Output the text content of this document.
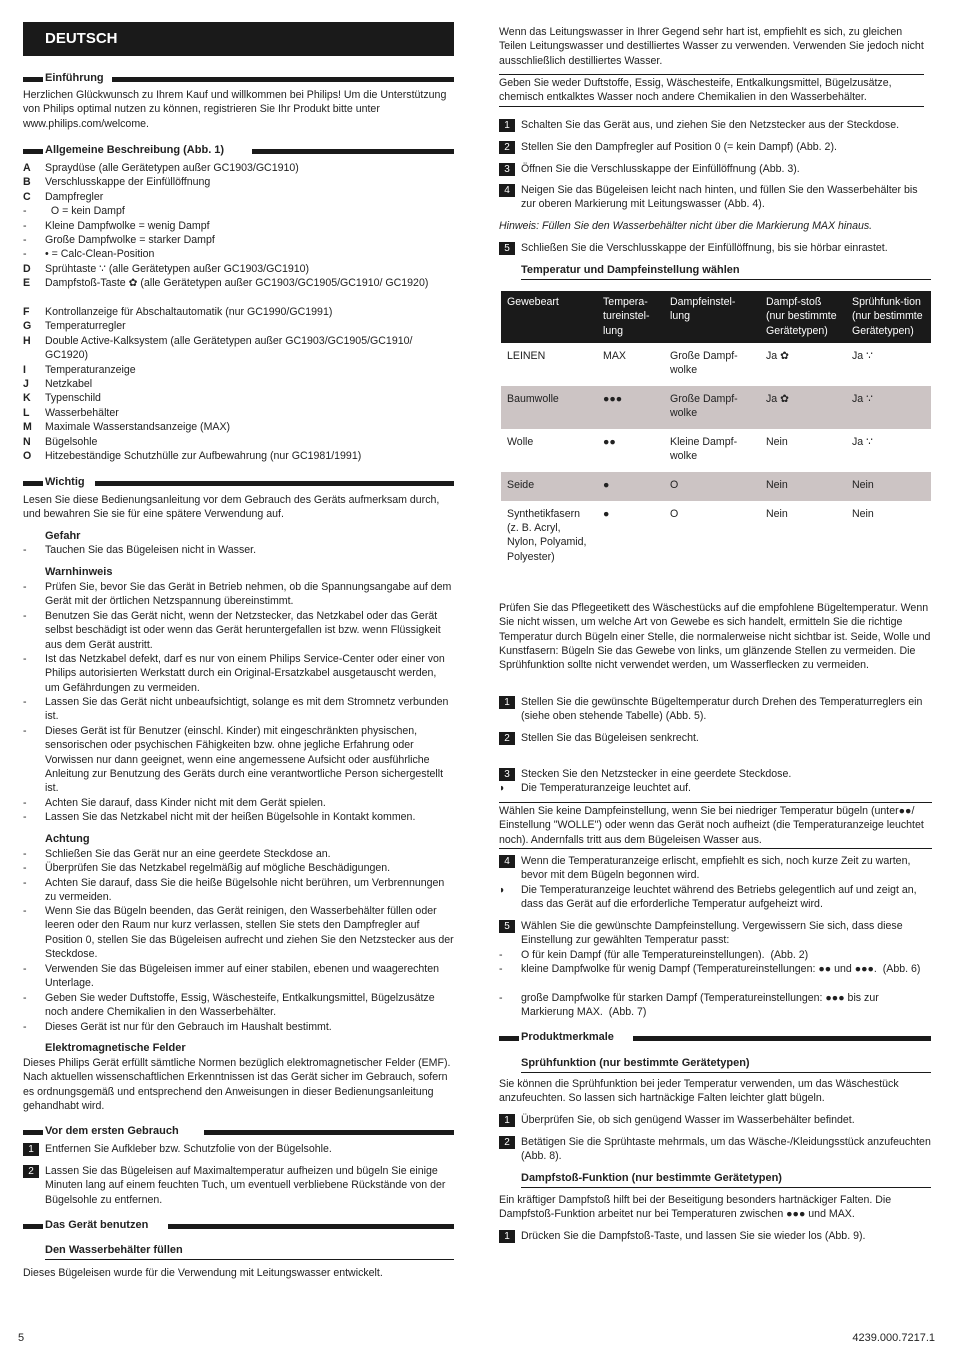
DEUTSCH
Einführung
Herzlichen Glückwunsch zu Ihrem Kauf und willkommen bei Philips! Um die Unterstützung von Philips optimal nutzen zu können, registrieren Sie Ihr Produkt bitte unter www.philips.com/welcome.
Allgemeine Beschreibung (Abb. 1)
A Spraydüse (alle Gerätetypen außer GC1903/GC1910)
B Verschlusskappe der Einfüllöffnung
C Dampfregler
- O = kein Dampf
- Kleine Dampfwolke = wenig Dampf
- Große Dampfwolke = starker Dampf
- • = Calc-Clean-Position
D Sprühtaste ∵ (alle Gerätetypen außer GC1903/GC1910)
E Dampfstoß-Taste ✿ (alle Gerätetypen außer GC1903/GC1905/GC1910/ GC1920)
F Kontrollanzeige für Abschaltautomatik (nur GC1990/GC1991)
G Temperaturregler
H Double Active-Kalksystem (alle Gerätetypen außer GC1903/GC1905/GC1910/ GC1920)
I Temperaturanzeige
J Netzkabel
K Typenschild
L Wasserbehälter
M Maximale Wasserstandsanzeige (MAX)
N Bügelsohle
O Hitzebeständige Schutzhülle zur Aufbewahrung (nur GC1981/1991)
Wichtig
Lesen Sie diese Bedienungsanleitung vor dem Gebrauch des Geräts aufmerksam durch, und bewahren Sie sie für eine spätere Verwendung auf.
Gefahr
- Tauchen Sie das Bügeleisen nicht in Wasser.
Warnhinweis
- Prüfen Sie, bevor Sie das Gerät in Betrieb nehmen, ob die Spannungsangabe auf dem Gerät mit der örtlichen Netzspannung übereinstimmt.
- Benutzen Sie das Gerät nicht, wenn der Netzstecker, das Netzkabel oder das Gerät selbst beschädigt ist oder wenn das Gerät heruntergefallen ist bzw. wenn Flüssigkeit aus dem Gerät austritt.
- Ist das Netzkabel defekt, darf es nur von einem Philips Service-Center oder einer von Philips autorisierten Werkstatt durch ein Original-Ersatzkabel ausgetauscht werden, um Gefährdungen zu vermeiden.
- Lassen Sie das Gerät nicht unbeaufsichtigt, solange es mit dem Stromnetz verbunden ist.
- Dieses Gerät ist für Benutzer (einschl. Kinder) mit eingeschränkten physischen, sensorischen oder psychischen Fähigkeiten bzw. ohne jegliche Erfahrung oder Vorwissen nur dann geeignet, wenn eine angemessene Aufsicht oder ausführliche Anleitung zur Benutzung des Geräts durch eine verantwortliche Person sichergestellt ist.
- Achten Sie darauf, dass Kinder nicht mit dem Gerät spielen.
- Lassen Sie das Netzkabel nicht mit der heißen Bügelsohle in Kontakt kommen.
Achtung
- Schließen Sie das Gerät nur an eine geerdete Steckdose an.
- Überprüfen Sie das Netzkabel regelmäßig auf mögliche Beschädigungen.
- Achten Sie darauf, dass Sie die heiße Bügelsohle nicht berühren, um Verbrennungen zu vermeiden.
- Wenn Sie das Bügeln beenden, das Gerät reinigen, den Wasserbehälter füllen oder leeren oder den Raum nur kurz verlassen, stellen Sie stets den Dampfregler auf Position 0, stellen Sie das Bügeleisen aufrecht und ziehen Sie den Netzstecker aus der Steckdose.
- Verwenden Sie das Bügeleisen immer auf einer stabilen, ebenen und waagerechten Unterlage.
- Geben Sie weder Duftstoffe, Essig, Wäschesteife, Entkalkungsmittel, Bügelzusätze noch andere Chemikalien in den Wasserbehälter.
- Dieses Gerät ist nur für den Gebrauch im Haushalt bestimmt.
Elektromagnetische Felder
Dieses Philips Gerät erfüllt sämtliche Normen bezüglich elektromagnetischer Felder (EMF). Nach aktuellen wissenschaftlichen Erkenntnissen ist das Gerät sicher im Gebrauch, sofern es ordnungsgemäß und entsprechend den Anweisungen in dieser Bedienungsanleitung gehandhabt wird.
Vor dem ersten Gebrauch
1	Entfernen Sie Aufkleber bzw. Schutzfolie von der Bügelsohle.
2	Lassen Sie das Bügeleisen auf Maximaltemperatur aufheizen und bügeln Sie einige Minuten lang auf einem feuchten Tuch, um eventuell verbliebene Rückstände von der Bügelsohle zu entfernen.
Das Gerät benutzen
Den Wasserbehälter füllen
Dieses Bügeleisen wurde für die Verwendung mit Leitungswasser entwickelt.
Wenn das Leitungswasser in Ihrer Gegend sehr hart ist, empfiehlt es sich, zu gleichen Teilen Leitungswasser und destilliertes Wasser zu verwenden. Verwenden Sie jedoch nicht ausschließlich destilliertes Wasser.
Geben Sie weder Duftstoffe, Essig, Wäschesteife, Entkalkungsmittel, Bügelzusätze, chemisch entkalktes Wasser noch andere Chemikalien in den Wasserbehälter.
1	Schalten Sie das Gerät aus, und ziehen Sie den Netzstecker aus der Steckdose.
2	Stellen Sie den Dampfregler auf Position 0 (= kein Dampf) (Abb. 2).
3	Öffnen Sie die Verschlusskappe der Einfüllöffnung (Abb. 3).
4	Neigen Sie das Bügeleisen leicht nach hinten, und füllen Sie den Wasserbehälter bis zur oberen Markierung mit Leitungswasser (Abb. 4).
Hinweis: Füllen Sie den Wasserbehälter nicht über die Markierung MAX hinaus.
5	Schließen Sie die Verschlusskappe der Einfüllöffnung, bis sie hörbar einrastet.
Temperatur und Dampfeinstellung wählen
Gewebeart	Tempera-tureinstel-lung	Dampfeinstel-lung	Dampf-stoß (nur bestimmte Gerätetypen)	Sprühfunk-tion (nur bestimmte Gerätetypen)
LEINEN	MAX	Große Dampf-wolke	Ja ✿	Ja ∵
Baumwolle	●●●	Große Dampf-wolke	Ja ✿	Ja ∵
Wolle	●●	Kleine Dampf-wolke	Nein	Ja ∵
Seide	●	O	Nein	Nein
Synthetikfasern (z. B. Acryl, Nylon, Polyamid, Polyester)	●	O	Nein	Nein
Prüfen Sie das Pflegeetikett des Wäschestücks auf die empfohlene Bügeltemperatur. Wenn Sie nicht wissen, um welche Art von Gewebe es sich handelt, ermitteln Sie die richtige Temperatur durch Bügeln einer Stelle, die normalerweise nicht sichtbar ist. Seide, Wolle und Kunstfasern: Bügeln Sie das Gewebe von links, um glänzende Stellen zu vermeiden. Die Sprühfunktion sollte nicht verwendet werden, um Wasserflecken zu vermeiden.
1	Stellen Sie die gewünschte Bügeltemperatur durch Drehen des Temperaturreglers ein (siehe oben stehende Tabelle) (Abb. 5).
2	Stellen Sie das Bügeleisen senkrecht.
3	Stecken Sie den Netzstecker in eine geerdete Steckdose.
◗ Die Temperaturanzeige leuchtet auf.
Wählen Sie keine Dampfeinstellung, wenn Sie bei niedriger Temperatur bügeln (unter●●/ Einstellung "WOLLE") oder wenn das Gerät noch aufheizt (die Temperaturanzeige leuchtet noch). Andernfalls tritt aus dem Bügeleisen Wasser aus.
4	Wenn die Temperaturanzeige erlischt, empfiehlt es sich, noch kurze Zeit zu warten, bevor mit dem Bügeln begonnen wird.
◗ Die Temperaturanzeige leuchtet während des Betriebs gelegentlich auf und zeigt an, dass das Gerät auf die erforderliche Temperatur aufgeheizt wird.
5	Wählen Sie die gewünschte Dampfeinstellung. Vergewissern Sie sich, dass diese Einstellung zur gewählten Temperatur passt:
- O für kein Dampf (für alle Temperatureinstellungen).  (Abb. 2)
- kleine Dampfwolke für wenig Dampf (Temperatureinstellungen: ●● und ●●●.  (Abb. 6)
- große Dampfwolke für starken Dampf (Temperatureinstellungen: ●●● bis zur Markierung MAX.  (Abb. 7)
Produktmerkmale
Sprühfunktion (nur bestimmte Gerätetypen)
Sie können die Sprühfunktion bei jeder Temperatur verwenden, um das Wäschestück anzufeuchten. So lassen sich hartnäckige Falten leichter glatt bügeln.
1	Überprüfen Sie, ob sich genügend Wasser im Wasserbehälter befindet.
2	Betätigen Sie die Sprühtaste mehrmals, um das Wäsche-/Kleidungsstück anzufeuchten (Abb. 8).
Dampfstoß-Funktion (nur bestimmte Gerätetypen)
Ein kräftiger Dampfstoß hilft bei der Beseitigung besonders hartnäckiger Falten. Die Dampfstoß-Funktion arbeitet nur bei Temperaturen zwischen ●●● und MAX.
1	Drücken Sie die Dampfstoß-Taste, und lassen Sie sie wieder los (Abb. 9).
5	4239.000.7217.1
